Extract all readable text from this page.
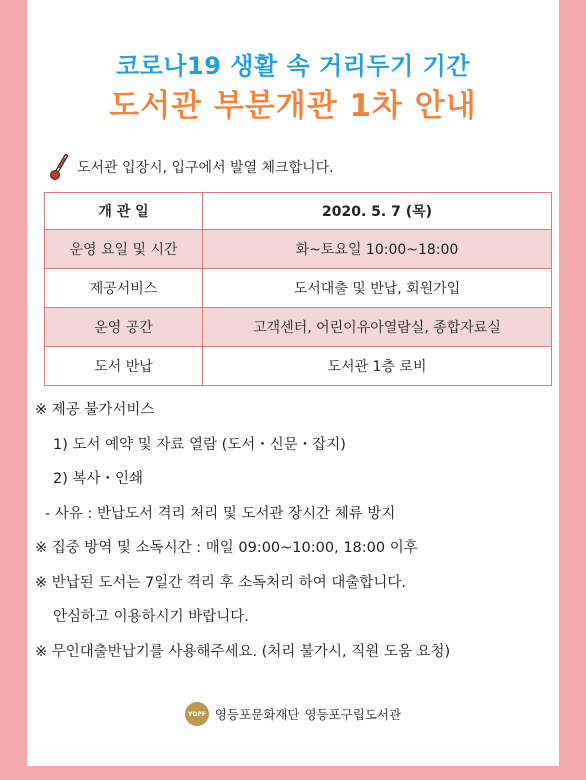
코로나19 생활 속 거리두기 기간
도서관 부분개관 1차 안내
도서관 입장시, 입구에서 발열 체크합니다.
개 관 일	2020. 5. 7 (목)
운영 요일 및 시간	화~토요일 10:00~18:00
제공서비스	도서대출 및 반납, 회원가입
운영 공간	고객센터, 어린이유아열람실, 종합자료실
도서 반납	도서관 1층 로비
※ 제공 불가서비스
1) 도서 예약 및 자료 열람 (도서・신문・잡지)
2) 복사・인쇄
- 사유 : 반납도서 격리 처리 및 도서관 장시간 체류 방지
※ 집중 방역 및 소독시간 : 매일 09:00~10:00, 18:00 이후
※ 반납된 도서는 7일간 격리 후 소독처리 하여 대출합니다.
안심하고 이용하시기 바랍니다.
※ 무인대출반납기를 사용해주세요. (처리 불가시, 직원 도움 요청)
YDPF 영등포문화재단 영등포구립도서관
